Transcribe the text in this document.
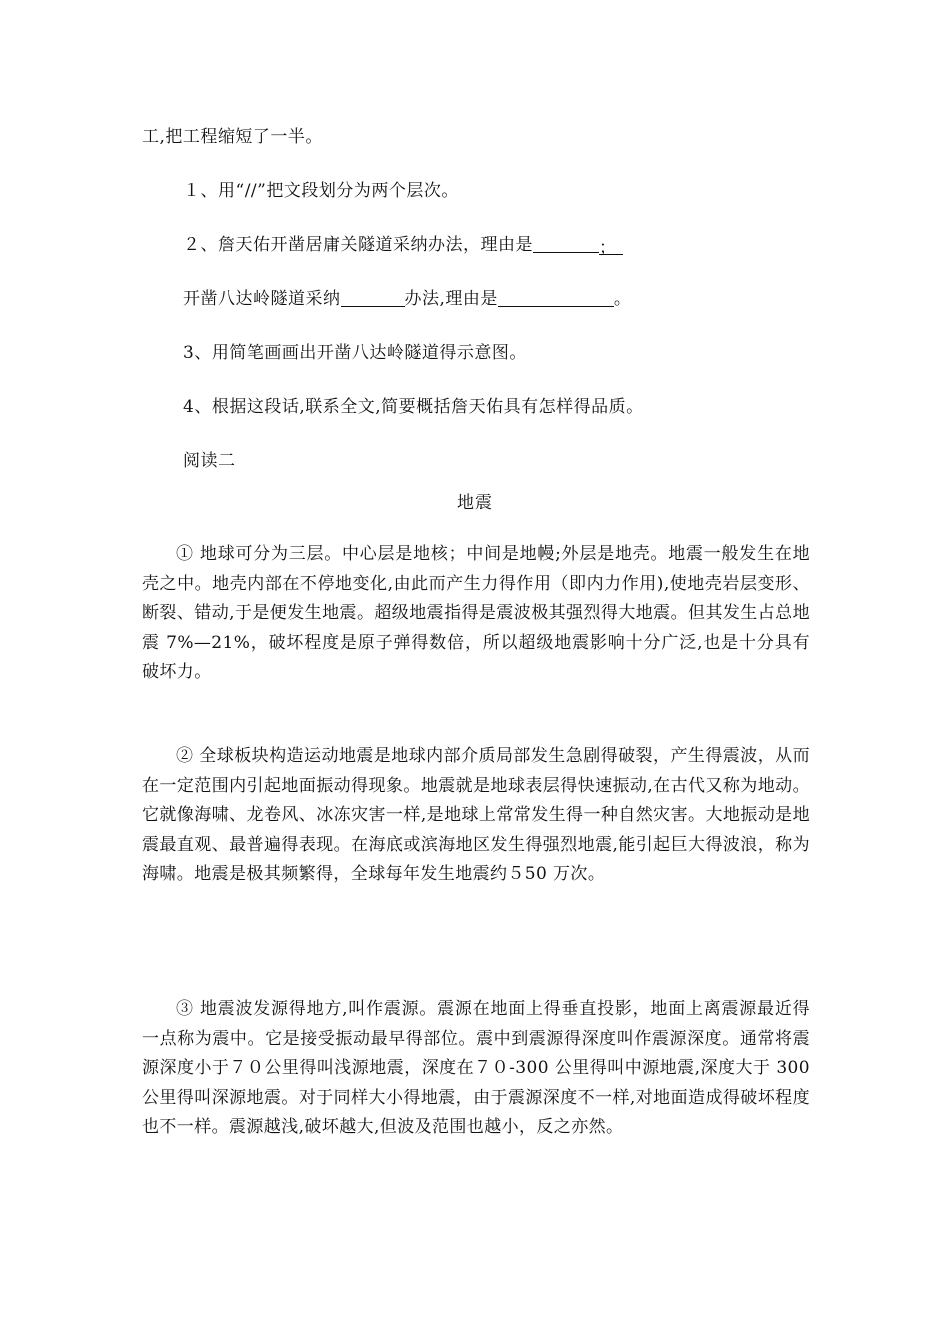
工,把工程缩短了一半。
１、用“//”把文段划分为两个层次。
２、詹天佑开凿居庸关隧道采纳办法，理由是	；
开凿八达岭隧道采纳	办法,理由是	。
3、用简笔画画出开凿八达岭隧道得示意图。
4、根据这段话,联系全文,简要概括詹天佑具有怎样得品质。
阅读二
地震
① 地球可分为三层。中心层是地核；中间是地幔;外层是地壳。地震一般发生在地壳之中。地壳内部在不停地变化,由此而产生力得作用（即内力作用),使地壳岩层变形、断裂、错动,于是便发生地震。超级地震指得是震波极其强烈得大地震。但其发生占总地震 7%—21%，破坏程度是原子弹得数倍，所以超级地震影响十分广泛,也是十分具有破坏力。
② 全球板块构造运动地震是地球内部介质局部发生急剧得破裂，产生得震波，从而在一定范围内引起地面振动得现象。地震就是地球表层得快速振动,在古代又称为地动。它就像海啸、龙卷风、冰冻灾害一样,是地球上常常发生得一种自然灾害。大地振动是地震最直观、最普遍得表现。在海底或滨海地区发生得强烈地震,能引起巨大得波浪，称为海啸。地震是极其频繁得，全球每年发生地震约５50 万次。
③ 地震波发源得地方,叫作震源。震源在地面上得垂直投影，地面上离震源最近得一点称为震中。它是接受振动最早得部位。震中到震源得深度叫作震源深度。通常将震源深度小于７０公里得叫浅源地震，深度在７０-300 公里得叫中源地震,深度大于 300 公里得叫深源地震。对于同样大小得地震，由于震源深度不一样,对地面造成得破坏程度也不一样。震源越浅,破坏越大,但波及范围也越小，反之亦然。
